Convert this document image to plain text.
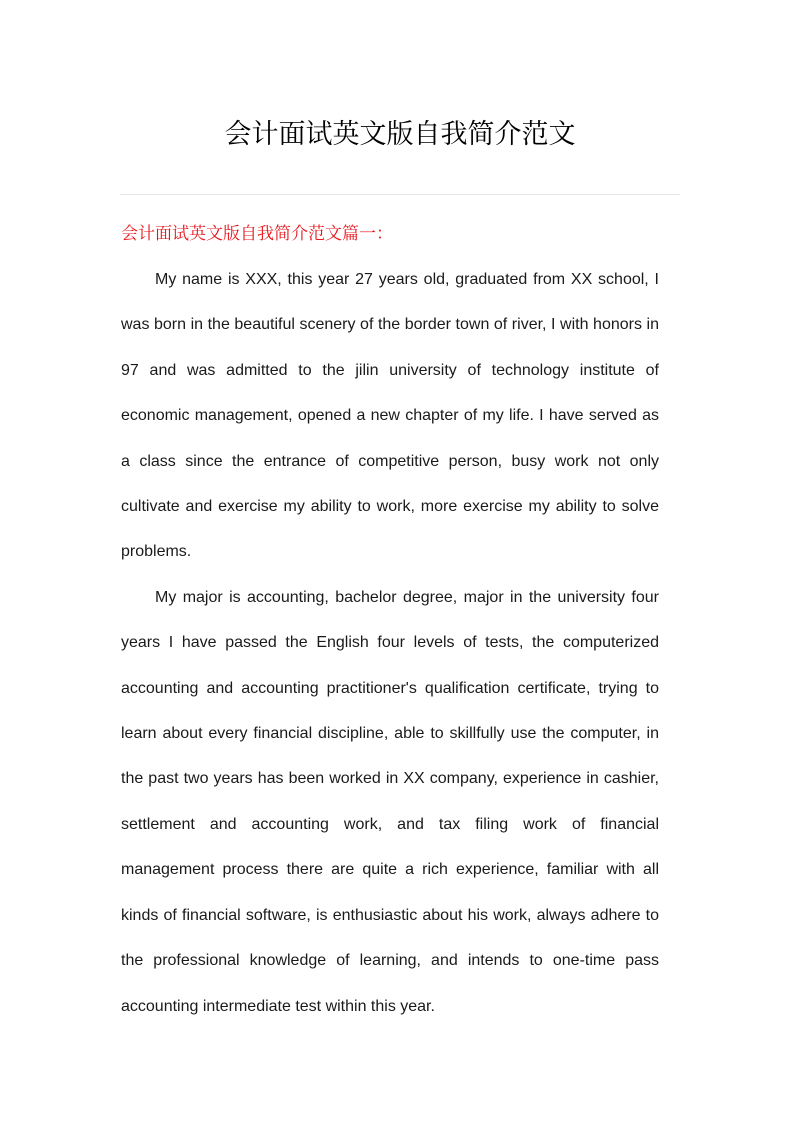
会计面试英文版自我简介范文
会计面试英文版自我简介范文篇一：

My name is XXX, this year 27 years old, graduated from XX school, I was born in the beautiful scenery of the border town of river, I with honors in 97 and was admitted to the jilin university of technology institute of economic management, opened a new chapter of my life. I have served as a class since the entrance of competitive person, busy work not only cultivate and exercise my ability to work, more exercise my ability to solve problems.

My major is accounting, bachelor degree, major in the university four years I have passed the English four levels of tests, the computerized accounting and accounting practitioner's qualification certificate, trying to learn about every financial discipline, able to skillfully use the computer, in the past two years has been worked in XX company, experience in cashier, settlement and accounting work, and tax filing work of financial management process there are quite a rich experience, familiar with all kinds of financial software, is enthusiastic about his work, always adhere to the professional knowledge of learning, and intends to one-time pass accounting intermediate test within this year.
